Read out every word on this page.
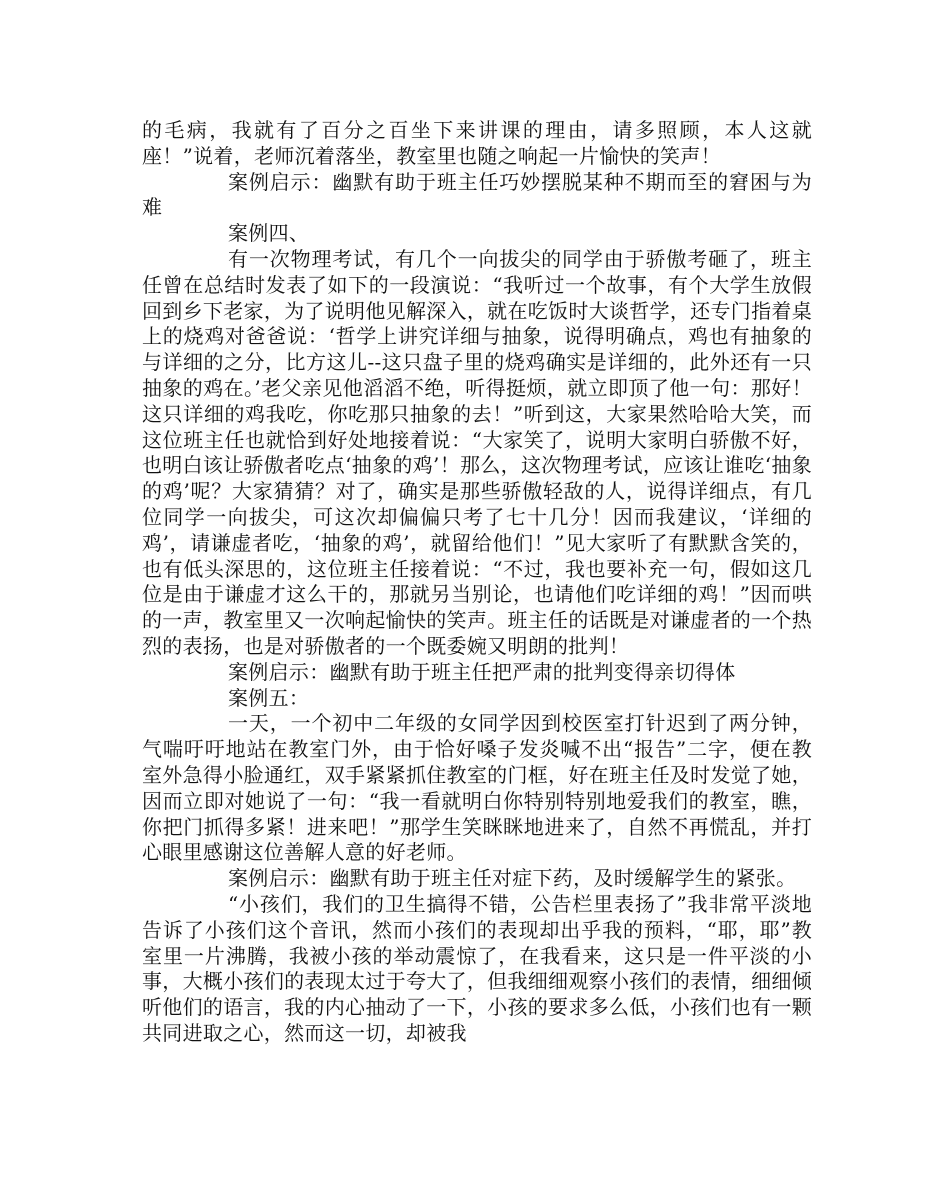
的毛病，我就有了百分之百坐下来讲课的理由，请多照顾，本人这就座！”说着，老师沉着落坐，教室里也随之响起一片愉快的笑声！

案例启示：幽默有助于班主任巧妙摆脱某种不期而至的窘困与为难

案例四、

有一次物理考试，有几个一向拔尖的同学由于骄傲考砸了，班主任曾在总结时发表了如下的一段演说：“我听过一个故事，有个大学生放假回到乡下老家，为了说明他见解深入，就在吃饭时大谈哲学，还专门指着桌上的烧鸡对爸爸说：‘哲学上讲究详细与抽象，说得明确点，鸡也有抽象的与详细的之分，比方这儿--这只盘子里的烧鸡确实是详细的，此外还有一只抽象的鸡在。’老父亲见他滔滔不绝，听得挺烦，就立即顶了他一句：那好！这只详细的鸡我吃，你吃那只抽象的去！”听到这，大家果然哈哈大笑，而这位班主任也就恰到好处地接着说：“大家笑了，说明大家明白骄傲不好，也明白该让骄傲者吃点‘抽象的鸡’！那么，这次物理考试，应该让谁吃‘抽象的鸡’呢？大家猜猜？对了，确实是那些骄傲轻敌的人，说得详细点，有几位同学一向拔尖，可这次却偏偏只考了七十几分！因而我建议，‘详细的鸡’，请谦虚者吃，‘抽象的鸡’，就留给他们！”见大家听了有默默含笑的，也有低头深思的，这位班主任接着说：“不过，我也要补充一句，假如这几位是由于谦虚才这么干的，那就另当别论，也请他们吃详细的鸡！”因而哄的一声，教室里又一次响起愉快的笑声。班主任的话既是对谦虚者的一个热烈的表扬，也是对骄傲者的一个既委婉又明朗的批判！

案例启示：幽默有助于班主任把严肃的批判变得亲切得体

案例五：

一天，一个初中二年级的女同学因到校医室打针迟到了两分钟，气喘吁吁地站在教室门外，由于恰好嗓子发炎喊不出“报告”二字，便在教室外急得小脸通红，双手紧紧抓住教室的门框，好在班主任及时发觉了她，因而立即对她说了一句：“我一看就明白你特别特别地爱我们的教室，瞧，你把门抓得多紧！进来吧！”那学生笑眯眯地进来了，自然不再慌乱，并打心眼里感谢这位善解人意的好老师。

案例启示：幽默有助于班主任对症下药，及时缓解学生的紧张。

“小孩们，我们的卫生搞得不错，公告栏里表扬了”我非常平淡地告诉了小孩们这个音讯，然而小孩们的表现却出乎我的预料，“耶，耶”教室里一片沸腾，我被小孩的举动震惊了，在我看来，这只是一件平淡的小事，大概小孩们的表现太过于夸大了，但我细细观察小孩们的表情，细细倾听他们的语言，我的内心抽动了一下，小孩的要求多么低，小孩们也有一颗共同进取之心，然而这一切，却被我
